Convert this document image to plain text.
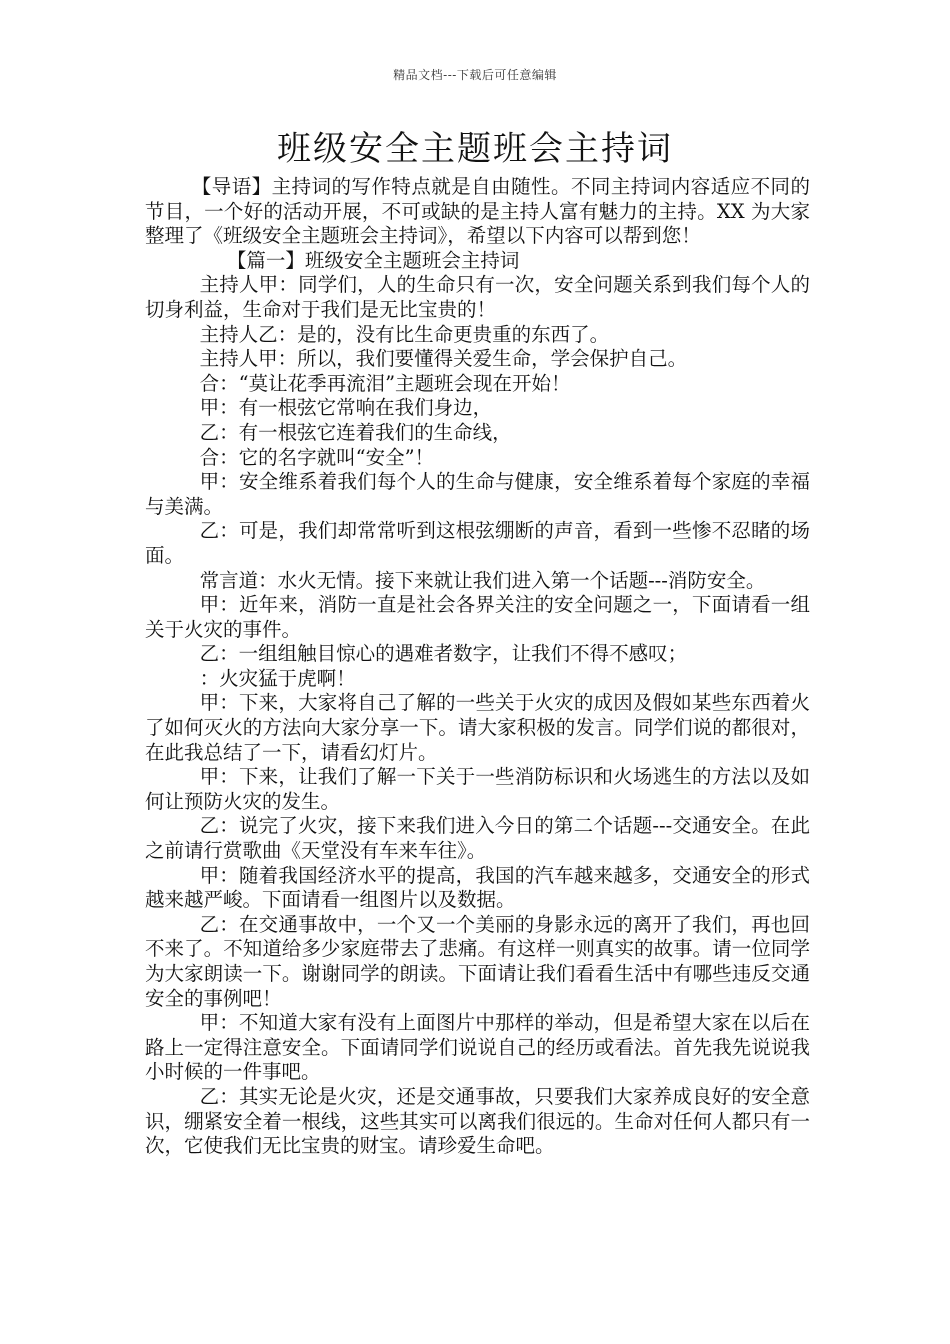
精品文档---下载后可任意编辑
班级安全主题班会主持词

【导语】主持词的写作特点就是自由随性。不同主持词内容适应不同的节目，一个好的活动开展，不可或缺的是主持人富有魅力的主持。XX 为大家整理了《班级安全主题班会主持词》，希望以下内容可以帮到您！

【篇一】班级安全主题班会主持词

主持人甲：同学们，人的生命只有一次，安全问题关系到我们每个人的切身利益，生命对于我们是无比宝贵的！

主持人乙：是的，没有比生命更贵重的东西了。

主持人甲：所以，我们要懂得关爱生命，学会保护自己。

合：“莫让花季再流泪”主题班会现在开始！

甲：有一根弦它常响在我们身边，

乙：有一根弦它连着我们的生命线，

合：它的名字就叫“安全”！

甲：安全维系着我们每个人的生命与健康，安全维系着每个家庭的幸福与美满。

乙：可是，我们却常常听到这根弦绷断的声音，看到一些惨不忍睹的场面。

常言道：水火无情。接下来就让我们进入第一个话题---消防安全。

甲：近年来，消防一直是社会各界关注的安全问题之一，下面请看一组关于火灾的事件。

乙：一组组触目惊心的遇难者数字，让我们不得不感叹；

：火灾猛于虎啊！

甲：下来，大家将自己了解的一些关于火灾的成因及假如某些东西着火了如何灭火的方法向大家分享一下。请大家积极的发言。同学们说的都很对，在此我总结了一下，请看幻灯片。

甲：下来，让我们了解一下关于一些消防标识和火场逃生的方法以及如何让预防火灾的发生。

乙：说完了火灾，接下来我们进入今日的第二个话题---交通安全。在此之前请行赏歌曲《天堂没有车来车往》。

甲：随着我国经济水平的提高，我国的汽车越来越多，交通安全的形式越来越严峻。下面请看一组图片以及数据。

乙：在交通事故中，一个又一个美丽的身影永远的离开了我们，再也回不来了。不知道给多少家庭带去了悲痛。有这样一则真实的故事。请一位同学为大家朗读一下。谢谢同学的朗读。下面请让我们看看生活中有哪些违反交通安全的事例吧！

甲：不知道大家有没有上面图片中那样的举动，但是希望大家在以后在路上一定得注意安全。下面请同学们说说自己的经历或看法。首先我先说说我小时候的一件事吧。

乙：其实无论是火灾，还是交通事故，只要我们大家养成良好的安全意识，绷紧安全着一根线，这些其实可以离我们很远的。生命对任何人都只有一次，它使我们无比宝贵的财宝。请珍爱生命吧。
